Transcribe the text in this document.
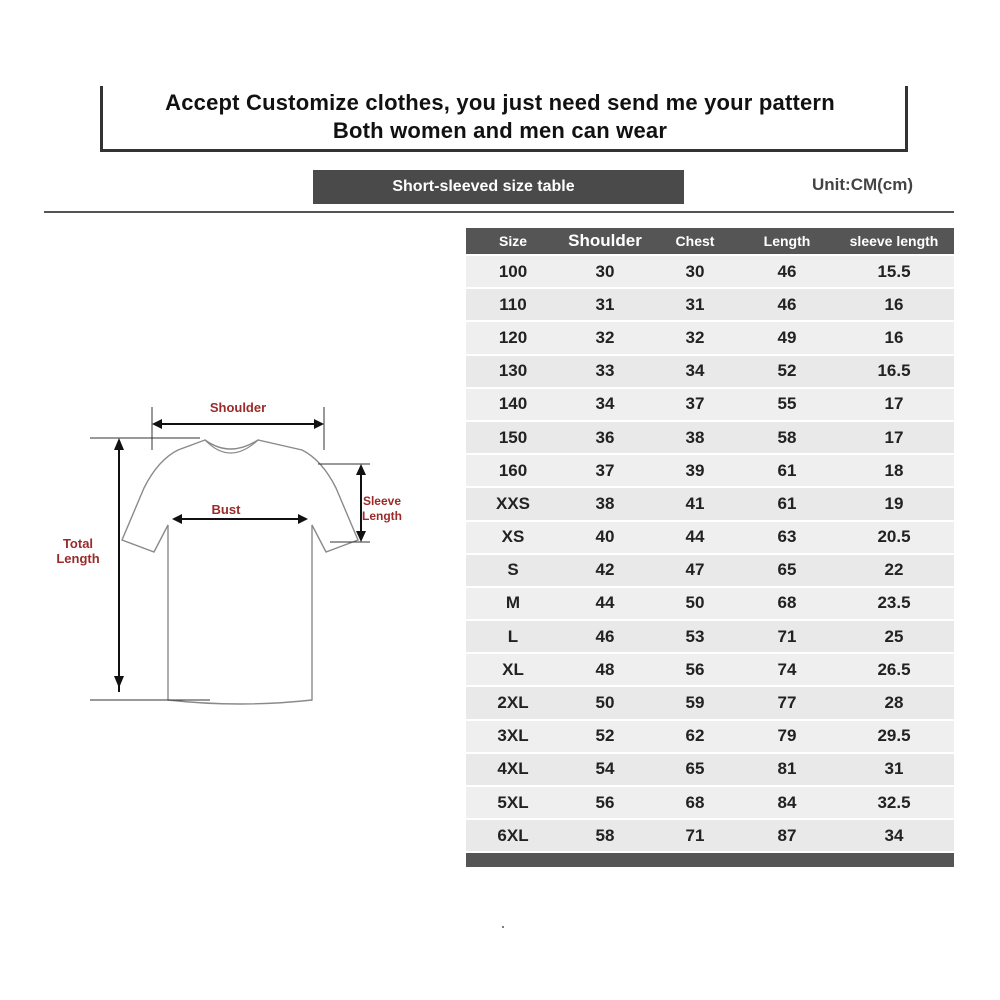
Accept Customize clothes, you just need send me your pattern
Both women and men can wear
Short-sleeved size table	Unit:CM(cm)
Shoulder
Bust
Sleeve
Length
Total
Length
Size	Shoulder	Chest	Length	sleeve length
100	30	30	46	15.5
110	31	31	46	16
120	32	32	49	16
130	33	34	52	16.5
140	34	37	55	17
150	36	38	58	17
160	37	39	61	18
XXS	38	41	61	19
XS	40	44	63	20.5
S	42	47	65	22
M	44	50	68	23.5
L	46	53	71	25
XL	48	56	74	26.5
2XL	50	59	77	28
3XL	52	62	79	29.5
4XL	54	65	81	31
5XL	56	68	84	32.5
6XL	58	71	87	34
